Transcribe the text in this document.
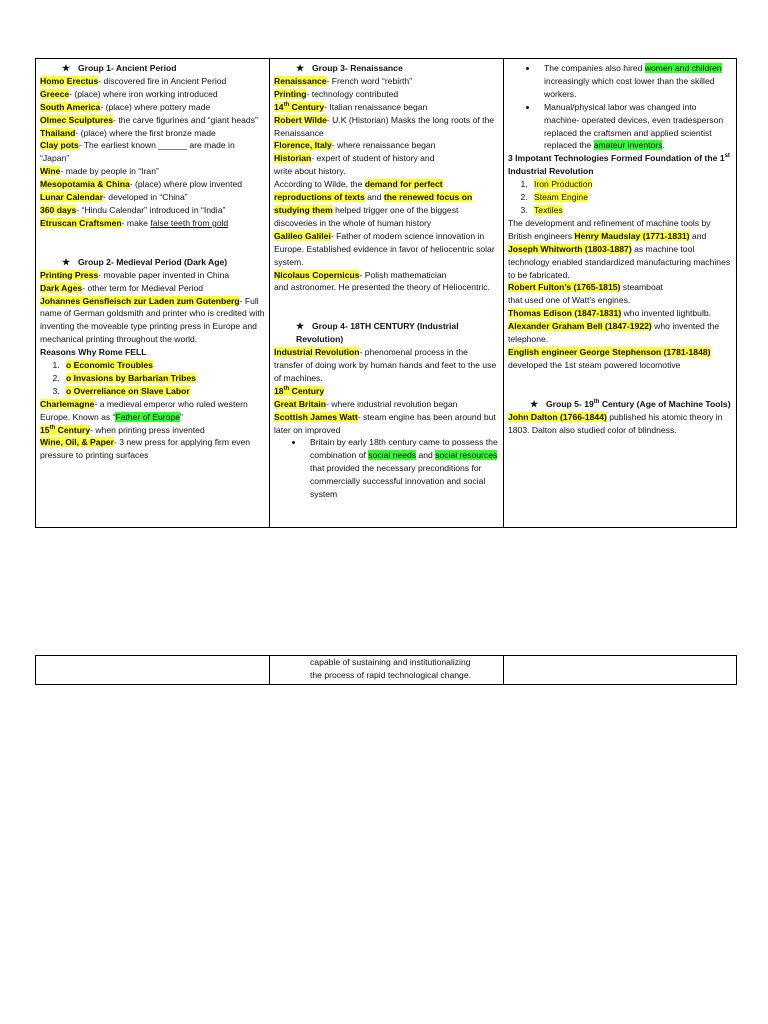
★ Group 1- Ancient Period

Homo Erectus- discovered fire in Ancient Period

Greece- (place) where iron working introduced

South America- (place) where pottery made

Olmec Sculptures- the carve figurines and “giant heads”

Thailand- (place) where the first bronze made

Clay pots- The earliest known ______ are made in “Japan”

Wine- made by people in “Iran”

Mesopotamia & China- (place) where plow invented

Lunar Calendar- developed in “China”

360 days- “Hindu Calendar” introduced in “India”

Etruscan Craftsmen- make false teeth from gold

★ Group 2- Medieval Period (Dark Age)

Printing Press- movable paper invented in China

Dark Ages- other term for Medieval Period

Johannes Gensfleisch zur Laden zum Gutenberg- Full name of German goldsmith and printer who is credited with inventing the moveable type printing press in Europe and mechanical printing throughout the world.

Reasons Why Rome FELL

1. o Economic Troubles
2. o Invasions by Barbarian Tribes
3. o Overreliance on Slave Labor

Charlemagne- a medieval emperor who ruled western Europe. Known as “Father of Europe”

15th Century- when printing press invented

Wine, Oil, & Paper- 3 new press for applying firm even pressure to printing surfaces

★ Group 3- Renaissance

Renaissance- French word “rebirth”

Printing- technology contributed

14th Century- Italian renaissance began

Robert Wilde- U.K (Historian) Masks the long roots of the Renaissance

Florence, Italy- where renaissance began

Historian- expert of student of history and

write about history.

According to Wilde, the demand for perfect reproductions of texts and the renewed focus on studying them helped trigger one of the biggest discoveries in the whole of human history

Galileo Galilei- Father of modern science innovation in Europe. Established evidence in favor of heliocentric solar system.

Nicolaus Copernicus- Polish mathematician

and astronomer. He presented the theory of Heliocentric.

★ Group 4- 18TH CENTURY (Industrial Revolution)

Industrial Revolution- phenomenal process in the transfer of doing work by human hands and feet to the use of machines.

18th Century

Great Britain- where industrial revolution began

Scottish James Watt- steam engine has been around but later on improved

• Britain by early 18th century came to possess the combination of social needs and social resources that provided the necessary preconditions for commercially successful innovation and social system

• The companies also hired women and children increasingly which cost lower than the skilled workers.
• Manual/physical labor was changed into machine- operated devices, even tradesperson replaced the craftsmen and applied scientist replaced the amateur inventors.

3 Impotant Technologies Formed Foundation of the 1st Industrial Revolution

1. Iron Production
2. Steam Engine
3. Textiles

The development and refinement of machine tools by British engineers Henry Maudslay (1771-1831) and Joseph Whitworth (1803-1887) as machine tool technology enabled standardized manufacturing machines to be fabricated.

Robert Fulton’s (1765-1815) steamboat

that used one of Watt’s engines.

Thomas Edison (1847-1831) who invented lightbulb.

Alexander Graham Bell (1847-1922) who invented the telephone.

English engineer George Stephenson (1781-1848) developed the 1st steam powered locomotive

★ Group 5- 19th Century (Age of Machine Tools)

John Dalton (1766-1844) published his atomic theory in 1803. Dalton also studied color of blindness.

capable of sustaining and institutionalizing

the process of rapid technological change.
